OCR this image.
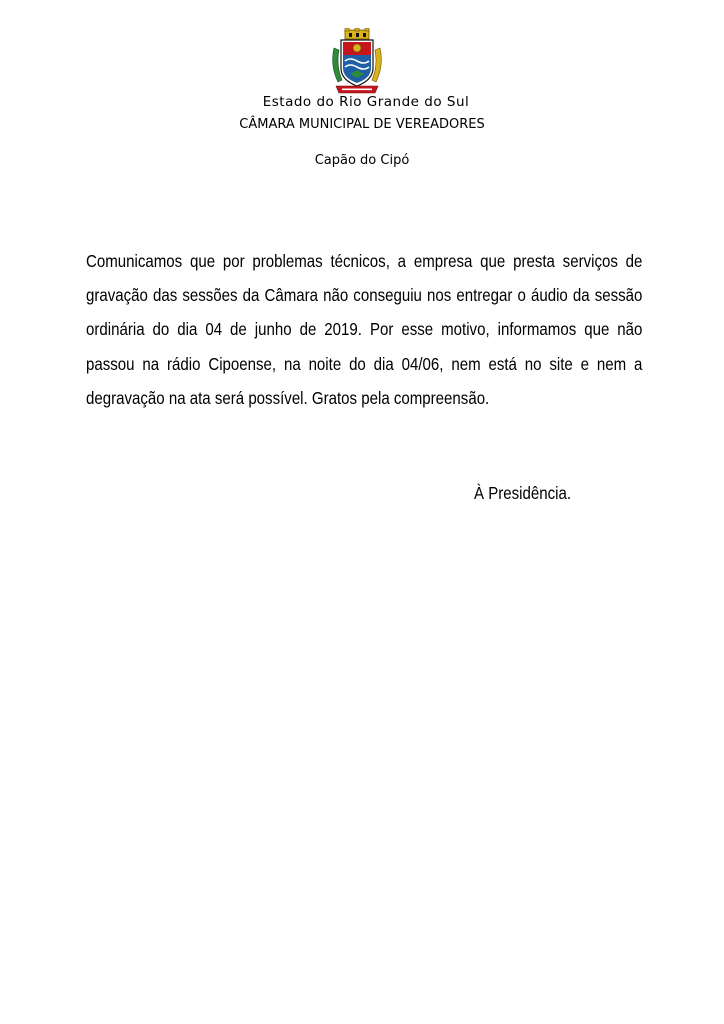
Estado do Rio Grande do Sul
CÂMARA MUNICIPAL DE VEREADORES
Capão do Cipó

Comunicamos que por problemas técnicos, a empresa que presta serviços de gravação das sessões da Câmara não conseguiu nos entregar o áudio da sessão ordinária do dia 04 de junho de 2019. Por esse motivo, informamos que não passou na rádio Cipoense, na noite do dia 04/06, nem está no site e nem a degravação na ata será possível. Gratos pela compreensão.

À Presidência.
